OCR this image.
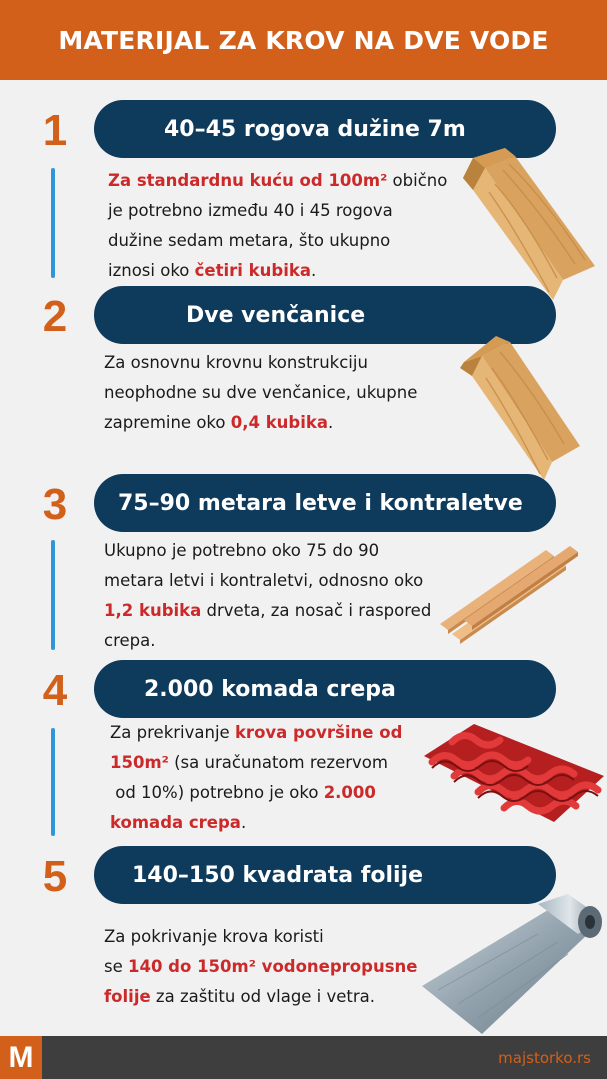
MATERIJAL ZA KROV NA DVE VODE
1	40–45 rogova dužine 7m
Za standardnu kuću od 100m² obično
je potrebno između 40 i 45 rogova
dužine sedam metara, što ukupno
iznosi oko četiri kubika.
2	Dve venčanice
Za osnovnu krovnu konstrukciju
neophodne su dve venčanice, ukupne
zapremine oko 0,4 kubika.
3	75–90 metara letve i kontraletve
Ukupno je potrebno oko 75 do 90
metara letvi i kontraletvi, odnosno oko
1,2 kubika drveta, za nosač i raspored
crepa.
4	2.000 komada crepa
Za prekrivanje krova površine od
150m² (sa uračunatom rezervom
od 10%) potrebno je oko 2.000
komada crepa.
5	140–150 kvadrata folije
Za pokrivanje krova koristi
se 140 do 150m² vodonepropusne
folije za zaštitu od vlage i vetra.
M	majstorko.rs
